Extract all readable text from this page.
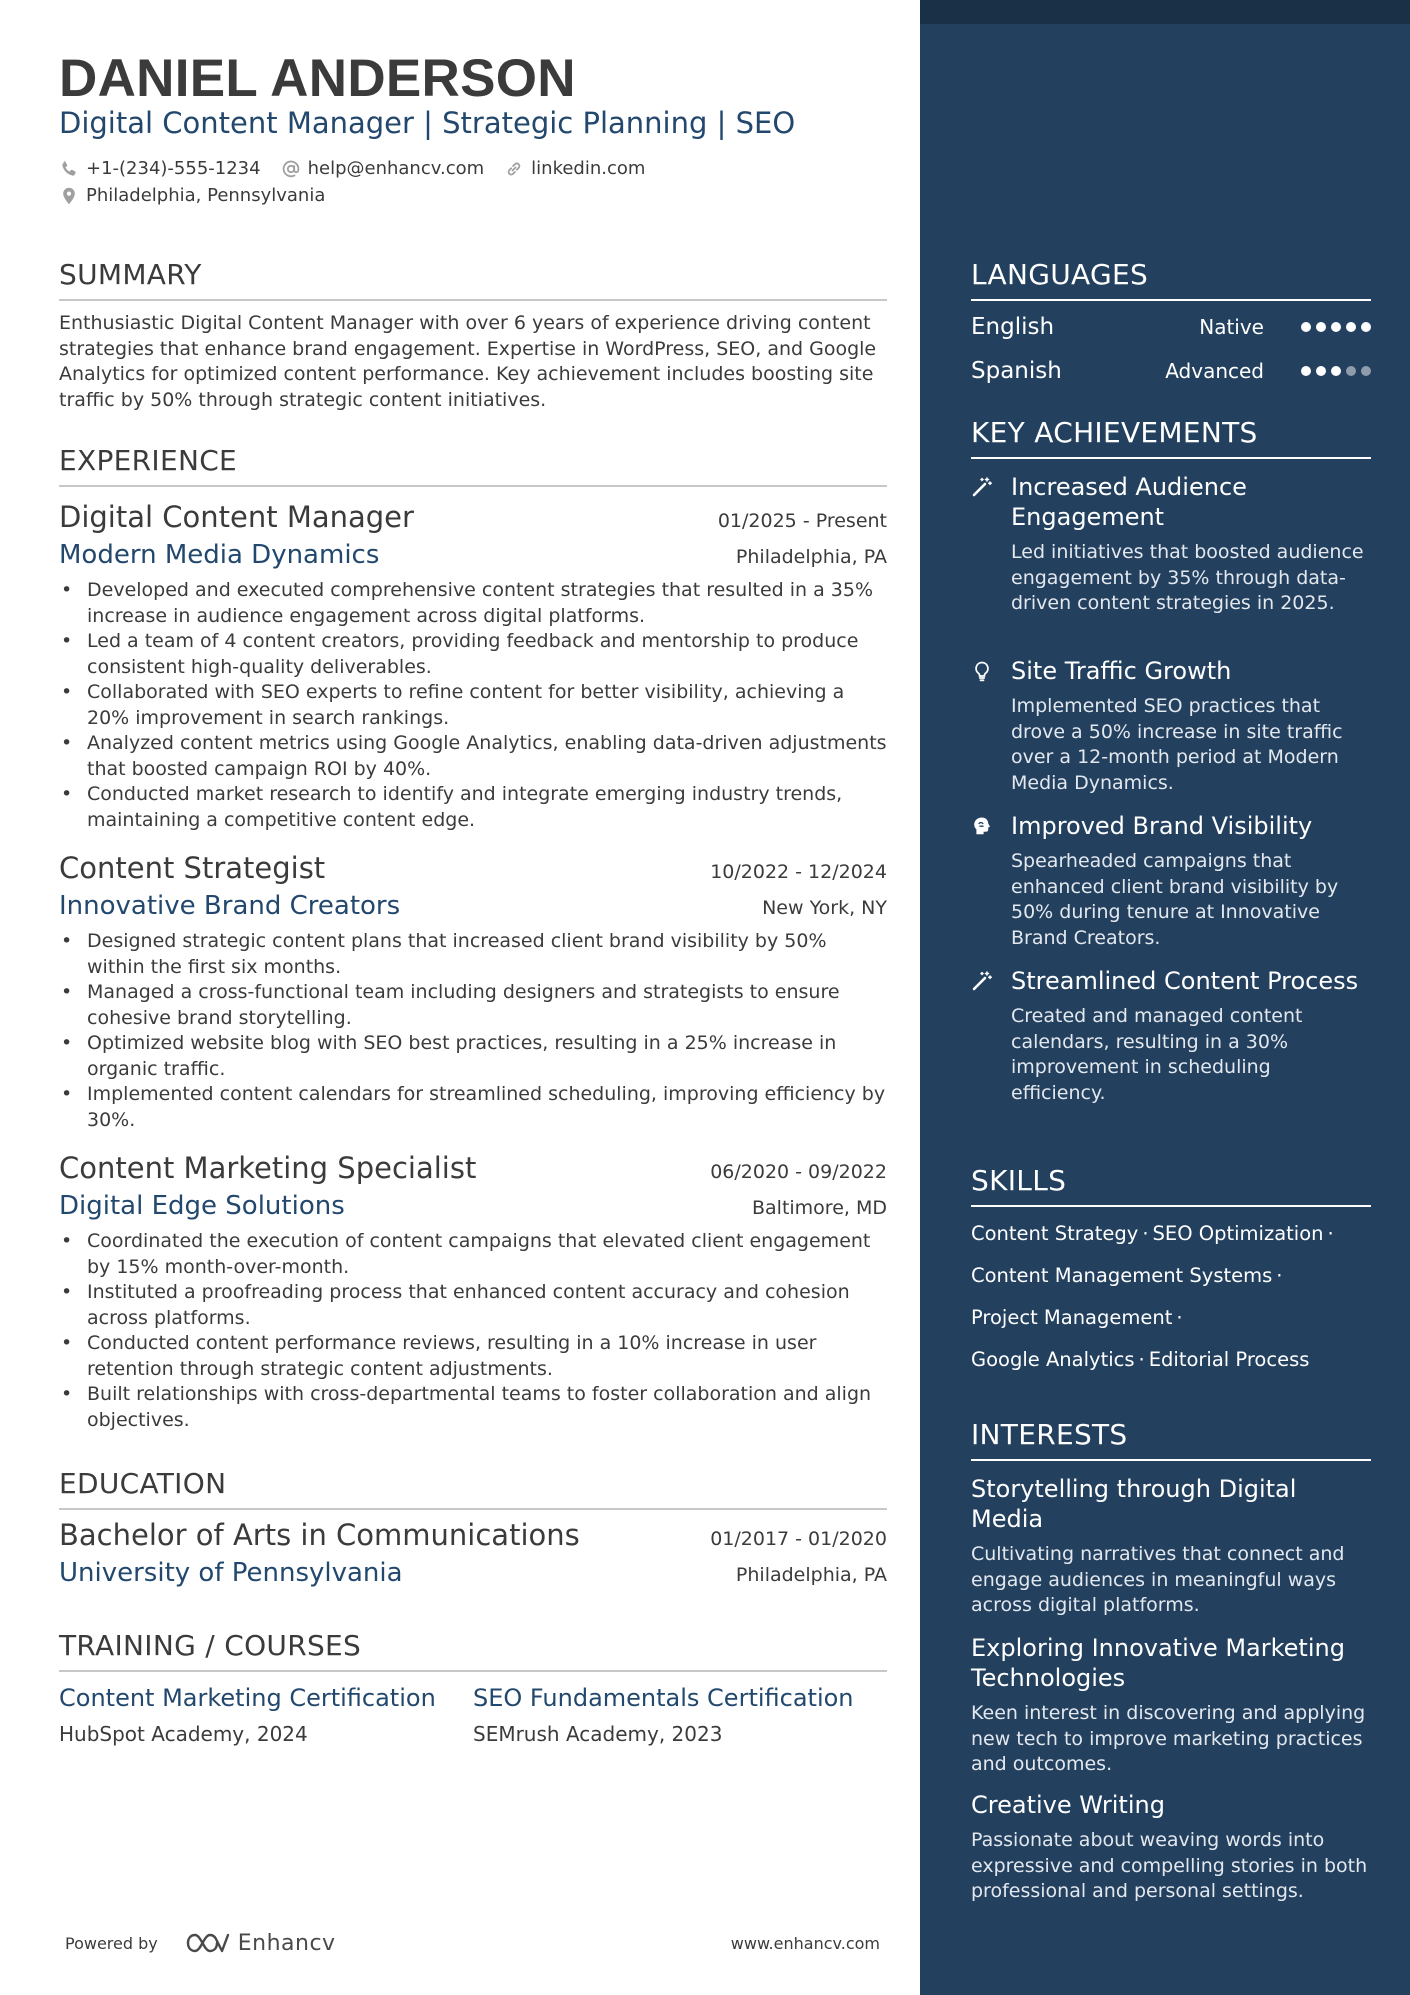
DANIEL ANDERSON
Digital Content Manager | Strategic Planning | SEO
+1-(234)-555-1234	help@enhancv.com	linkedin.com
Philadelphia, Pennsylvania
SUMMARY
Enthusiastic Digital Content Manager with over 6 years of experience driving content strategies that enhance brand engagement. Expertise in WordPress, SEO, and Google Analytics for optimized content performance. Key achievement includes boosting site traffic by 50% through strategic content initiatives.
EXPERIENCE
Digital Content Manager	01/2025 - Present
Modern Media Dynamics	Philadelphia, PA
• Developed and executed comprehensive content strategies that resulted in a 35% increase in audience engagement across digital platforms.
• Led a team of 4 content creators, providing feedback and mentorship to produce consistent high-quality deliverables.
• Collaborated with SEO experts to refine content for better visibility, achieving a 20% improvement in search rankings.
• Analyzed content metrics using Google Analytics, enabling data-driven adjustments that boosted campaign ROI by 40%.
• Conducted market research to identify and integrate emerging industry trends, maintaining a competitive content edge.
Content Strategist	10/2022 - 12/2024
Innovative Brand Creators	New York, NY
• Designed strategic content plans that increased client brand visibility by 50% within the first six months.
• Managed a cross-functional team including designers and strategists to ensure cohesive brand storytelling.
• Optimized website blog with SEO best practices, resulting in a 25% increase in organic traffic.
• Implemented content calendars for streamlined scheduling, improving efficiency by 30%.
Content Marketing Specialist	06/2020 - 09/2022
Digital Edge Solutions	Baltimore, MD
• Coordinated the execution of content campaigns that elevated client engagement by 15% month-over-month.
• Instituted a proofreading process that enhanced content accuracy and cohesion across platforms.
• Conducted content performance reviews, resulting in a 10% increase in user retention through strategic content adjustments.
• Built relationships with cross-departmental teams to foster collaboration and align objectives.
EDUCATION
Bachelor of Arts in Communications	01/2017 - 01/2020
University of Pennsylvania	Philadelphia, PA
TRAINING / COURSES
Content Marketing Certification
HubSpot Academy, 2024
SEO Fundamentals Certification
SEMrush Academy, 2023
Powered by	Enhancv	www.enhancv.com
LANGUAGES
English	Native
Spanish	Advanced
KEY ACHIEVEMENTS
Increased Audience Engagement
Led initiatives that boosted audience engagement by 35% through data-driven content strategies in 2025.
Site Traffic Growth
Implemented SEO practices that drove a 50% increase in site traffic over a 12-month period at Modern Media Dynamics.
Improved Brand Visibility
Spearheaded campaigns that enhanced client brand visibility by 50% during tenure at Innovative Brand Creators.
Streamlined Content Process
Created and managed content calendars, resulting in a 30% improvement in scheduling efficiency.
SKILLS
Content Strategy · SEO Optimization ·
Content Management Systems ·
Project Management ·
Google Analytics · Editorial Process
INTERESTS
Storytelling through Digital Media
Cultivating narratives that connect and engage audiences in meaningful ways across digital platforms.
Exploring Innovative Marketing Technologies
Keen interest in discovering and applying new tech to improve marketing practices and outcomes.
Creative Writing
Passionate about weaving words into expressive and compelling stories in both professional and personal settings.
